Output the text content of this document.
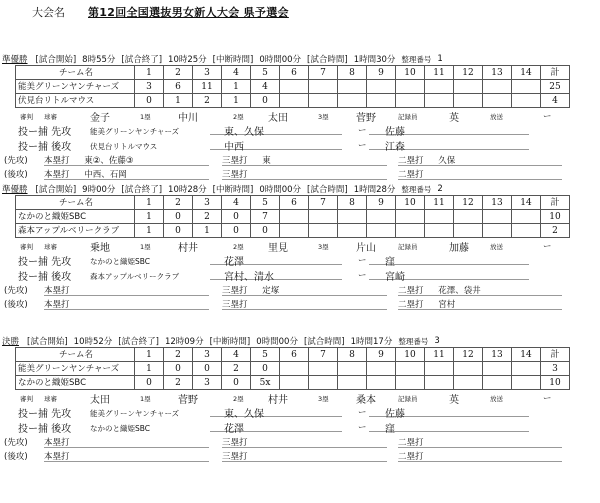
大会名	第12回全国選抜男女新人大会 県予選会
準優勝 [試合開始] 8時55分 [試合終了] 10時25分 [中断時間] 0時間00分 [試合時間] 1時間30分 整理番号 1
チーム名	1	2	3	4	5	6	7	8	9	10	11	12	13	14	計
能美グリーンヤンチャーズ	3	6	11	1	4										25
伏見台リトルマウス	0	1	2	1	0										4
審判 球審	金子	1塁	中川	2塁 太田	3塁	菅野	記録員	英	放送	ー
投ー捕 先攻	能美グリーンヤンチャーズ	東、久保	ー	佐藤
投ー捕 後攻	伏見台リトルマウス	中西	ー	江森
(先攻) 本塁打 東②、佐藤③	三塁打 東	二塁打 久保
(後攻) 本塁打 中西、石岡	三塁打	二塁打
準優勝 [試合開始] 9時00分 [試合終了] 10時28分 [中断時間] 0時間00分 [試合時間] 1時間28分 整理番号 2
チーム名	1	2	3	4	5	6	7	8	9	10	11	12	13	14	計
なかのと織姫SBC	1	0	2	0	7										10
森本アップルベリークラブ	1	0	1	0	0										2
審判 球審	乗地	1塁	村井	2塁 里見	3塁	片山	記録員	加藤	放送	ー
投ー捕 先攻	なかのと織姫SBC	花澤	ー	窪
投ー捕 後攻	森本アップルベリークラブ	宮村、清水	ー	宮崎
(先攻) 本塁打	三塁打 定塚	二塁打 花澤、袋井
(後攻) 本塁打	三塁打	二塁打 宮村
決勝 [試合開始] 10時52分 [試合終了] 12時09分 [中断時間] 0時間00分 [試合時間] 1時間17分 整理番号 3
チーム名	1	2	3	4	5	6	7	8	9	10	11	12	13	14	計
能美グリーンヤンチャーズ	1	0	0	2	0										3
なかのと織姫SBC	0	2	3	0	5x										10
審判 球審	太田	1塁	菅野	2塁 村井	3塁	桑本	記録員	英	放送	ー
投ー捕 先攻	能美グリーンヤンチャーズ	東、久保	ー	佐藤
投ー捕 後攻	なかのと織姫SBC	花澤	ー	窪
(先攻) 本塁打	三塁打	二塁打
(後攻) 本塁打	三塁打	二塁打
